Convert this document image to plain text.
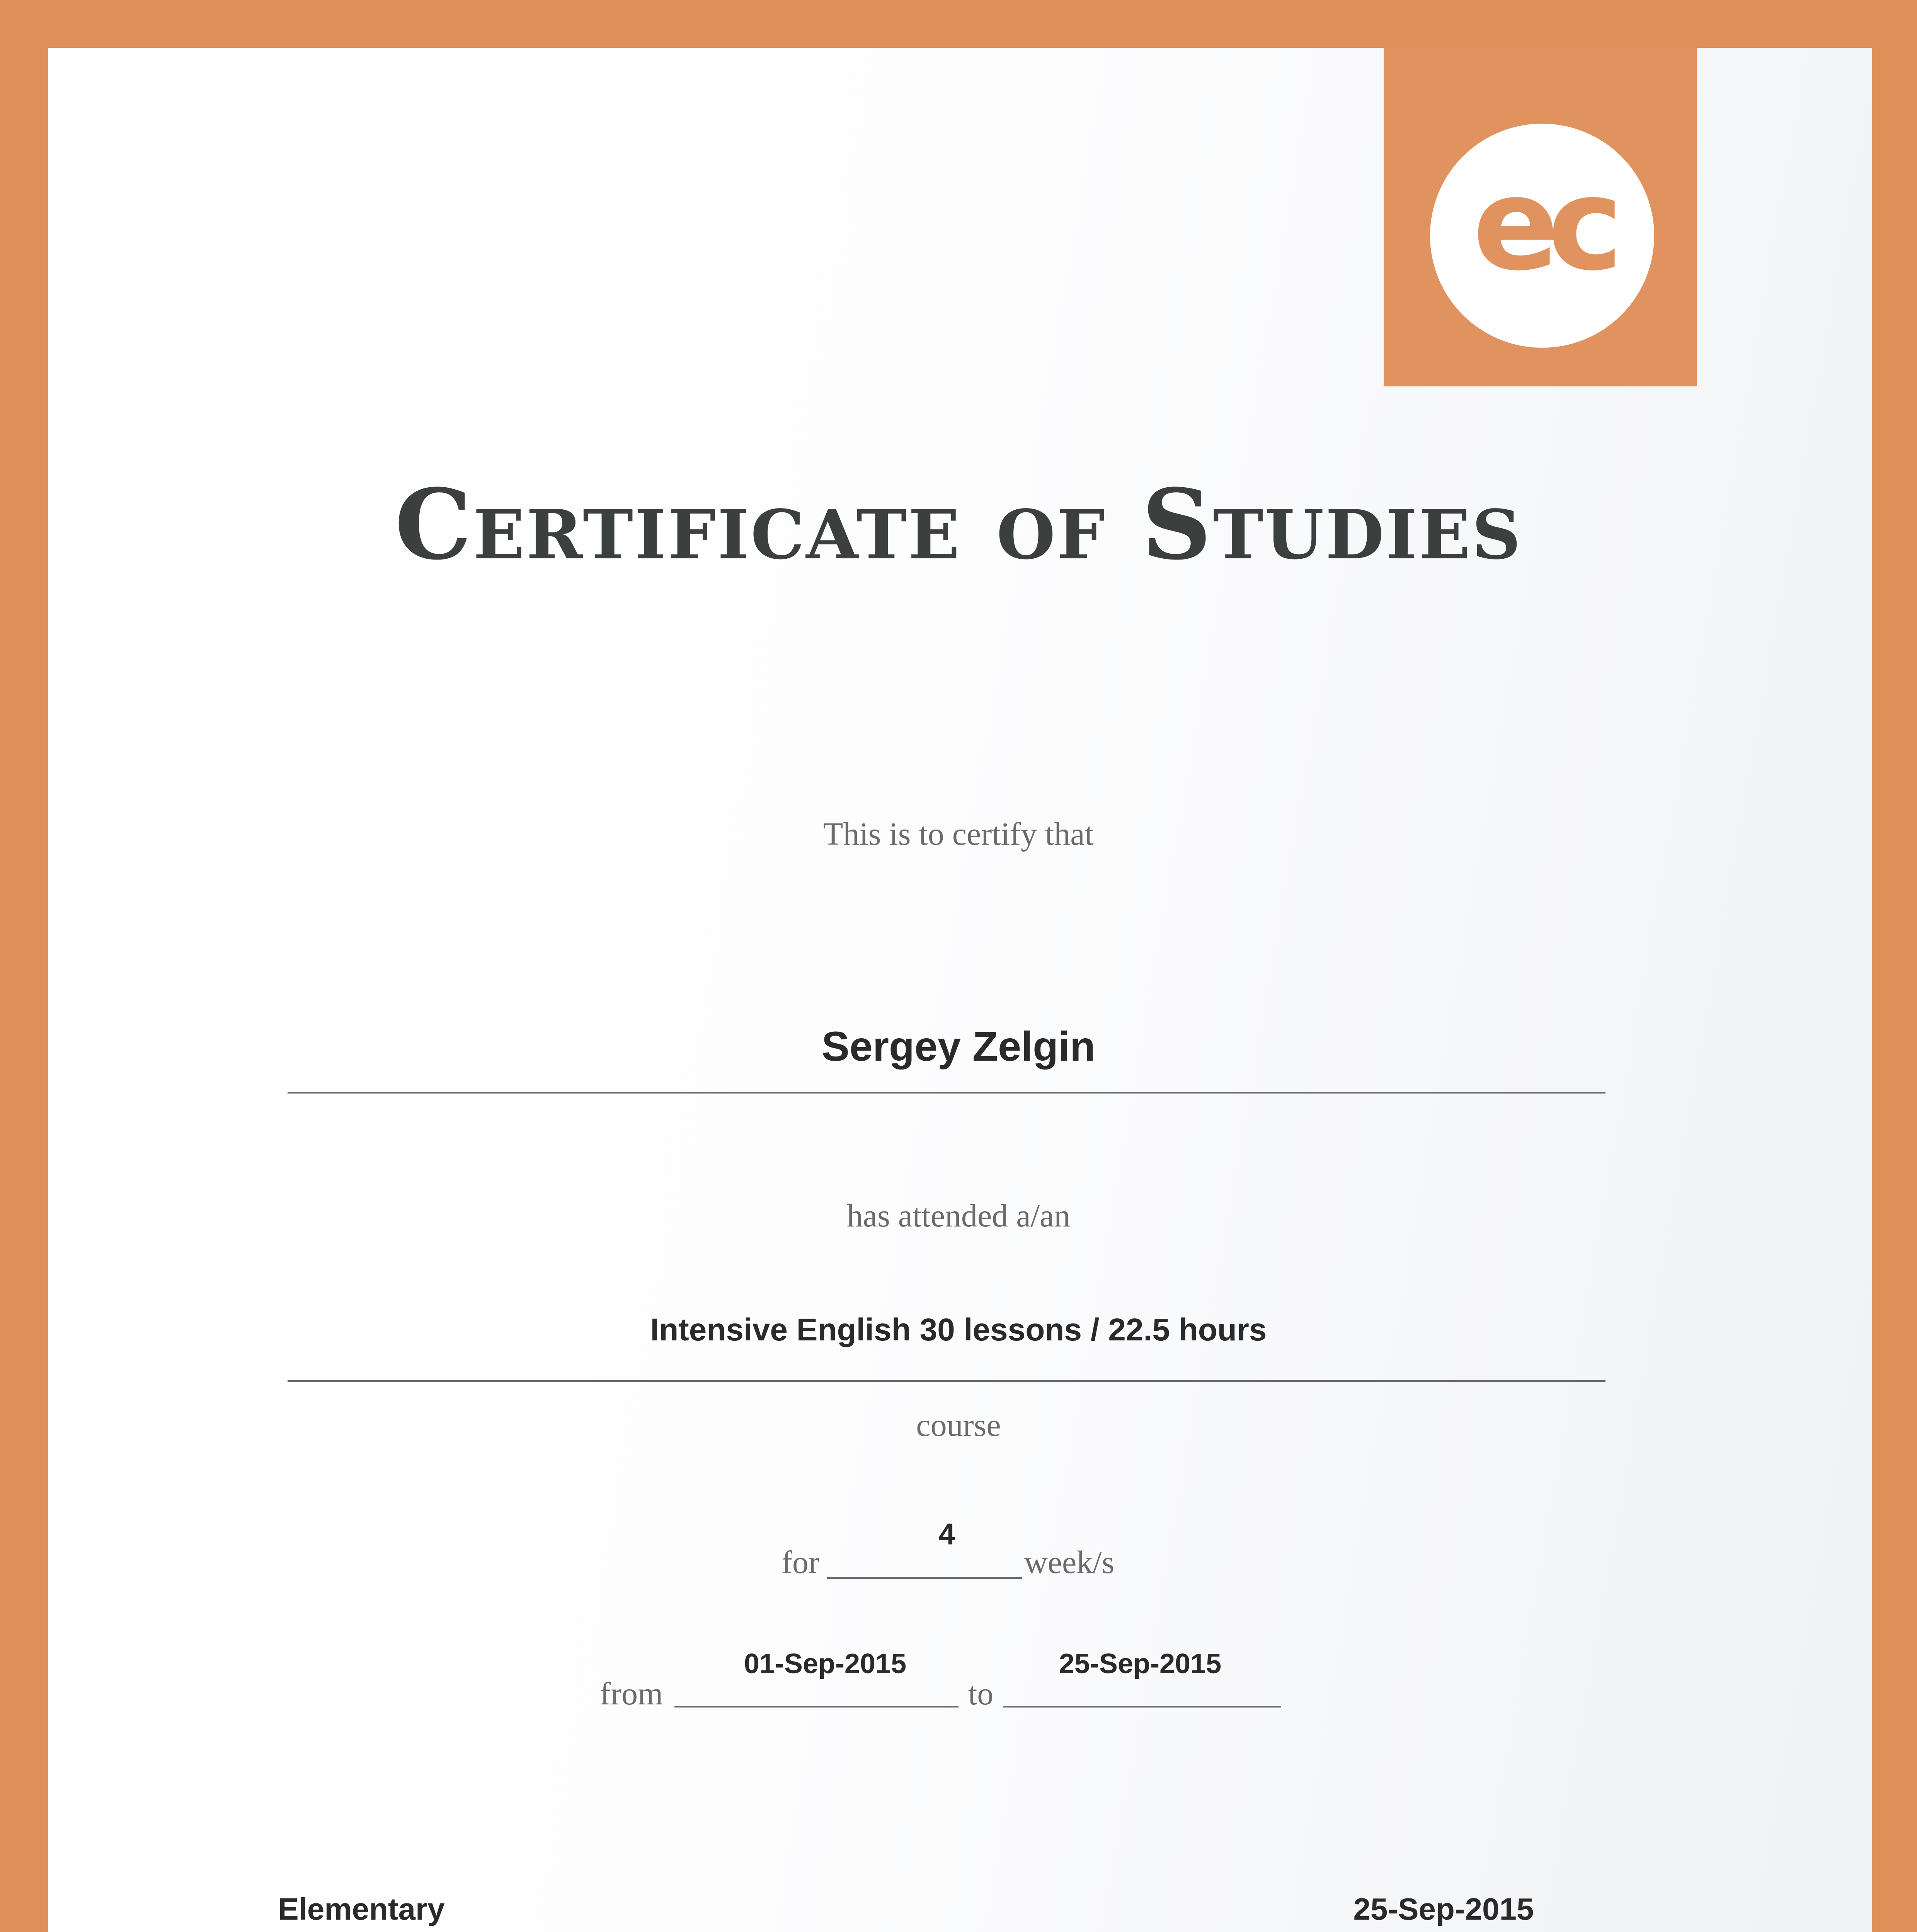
ec
Certificate of Studies
This is to certify that
Sergey Zelgin
has attended a/an
Intensive English 30 lessons / 22.5 hours
course
4
for	week/s
01-Sep-2015
from	to
25-Sep-2015
Elementary	25-Sep-2015
